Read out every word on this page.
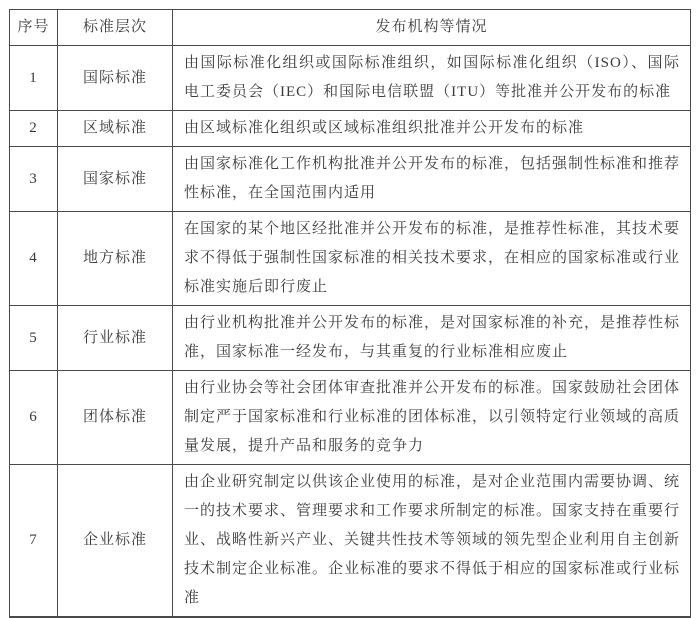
序号	标准层次	发布机构等情况
1	国际标准	由国际标准化组织或国际标准组织，如国际标准化组织（ISO）、国际电工委员会（IEC）和国际电信联盟（ITU）等批准并公开发布的标准
2	区域标准	由区域标准化组织或区域标准组织批准并公开发布的标准
3	国家标准	由国家标准化工作机构批准并公开发布的标准，包括强制性标准和推荐性标准，在全国范围内适用
4	地方标准	在国家的某个地区经批准并公开发布的标准，是推荐性标准，其技术要求不得低于强制性国家标准的相关技术要求，在相应的国家标准或行业标准实施后即行废止
5	行业标准	由行业机构批准并公开发布的标准，是对国家标准的补充，是推荐性标准，国家标准一经发布，与其重复的行业标准相应废止
6	团体标准	由行业协会等社会团体审查批准并公开发布的标准。国家鼓励社会团体制定严于国家标准和行业标准的团体标准，以引领特定行业领域的高质量发展，提升产品和服务的竞争力
7	企业标准	由企业研究制定以供该企业使用的标准，是对企业范围内需要协调、统一的技术要求、管理要求和工作要求所制定的标准。国家支持在重要行业、战略性新兴产业、关键共性技术等领域的领先型企业利用自主创新技术制定企业标准。企业标准的要求不得低于相应的国家标准或行业标准
